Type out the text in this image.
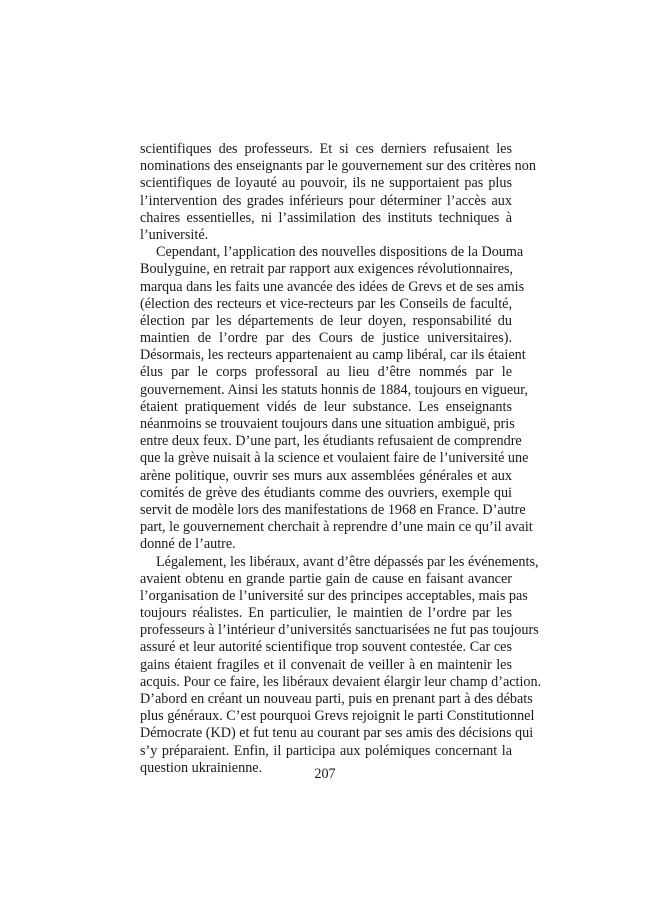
scientifiques des professeurs. Et si ces derniers refusaient les
nominations des enseignants par le gouvernement sur des critères non
scientifiques de loyauté au pouvoir, ils ne supportaient pas plus
l’intervention des grades inférieurs pour déterminer l’accès aux
chaires essentielles, ni l’assimilation des instituts techniques à
l’université.
Cependant, l’application des nouvelles dispositions de la Douma
Boulyguine, en retrait par rapport aux exigences révolutionnaires,
marqua dans les faits une avancée des idées de Grevs et de ses amis
(élection des recteurs et vice-recteurs par les Conseils de faculté,
élection par les départements de leur doyen, responsabilité du
maintien de l’ordre par des Cours de justice universitaires).
Désormais, les recteurs appartenaient au camp libéral, car ils étaient
élus par le corps professoral au lieu d’être nommés par le
gouvernement. Ainsi les statuts honnis de 1884, toujours en vigueur,
étaient pratiquement vidés de leur substance. Les enseignants
néanmoins se trouvaient toujours dans une situation ambiguë, pris
entre deux feux. D’une part, les étudiants refusaient de comprendre
que la grève nuisait à la science et voulaient faire de l’université une
arène politique, ouvrir ses murs aux assemblées générales et aux
comités de grève des étudiants comme des ouvriers, exemple qui
servit de modèle lors des manifestations de 1968 en France. D’autre
part, le gouvernement cherchait à reprendre d’une main ce qu’il avait
donné de l’autre.
Légalement, les libéraux, avant d’être dépassés par les événements,
avaient obtenu en grande partie gain de cause en faisant avancer
l’organisation de l’université sur des principes acceptables, mais pas
toujours réalistes. En particulier, le maintien de l’ordre par les
professeurs à l’intérieur d’universités sanctuarisées ne fut pas toujours
assuré et leur autorité scientifique trop souvent contestée. Car ces
gains étaient fragiles et il convenait de veiller à en maintenir les
acquis. Pour ce faire, les libéraux devaient élargir leur champ d’action.
D’abord en créant un nouveau parti, puis en prenant part à des débats
plus généraux. C’est pourquoi Grevs rejoignit le parti Constitutionnel
Démocrate (KD) et fut tenu au courant par ses amis des décisions qui
s’y préparaient. Enfin, il participa aux polémiques concernant la
question ukrainienne.	207
